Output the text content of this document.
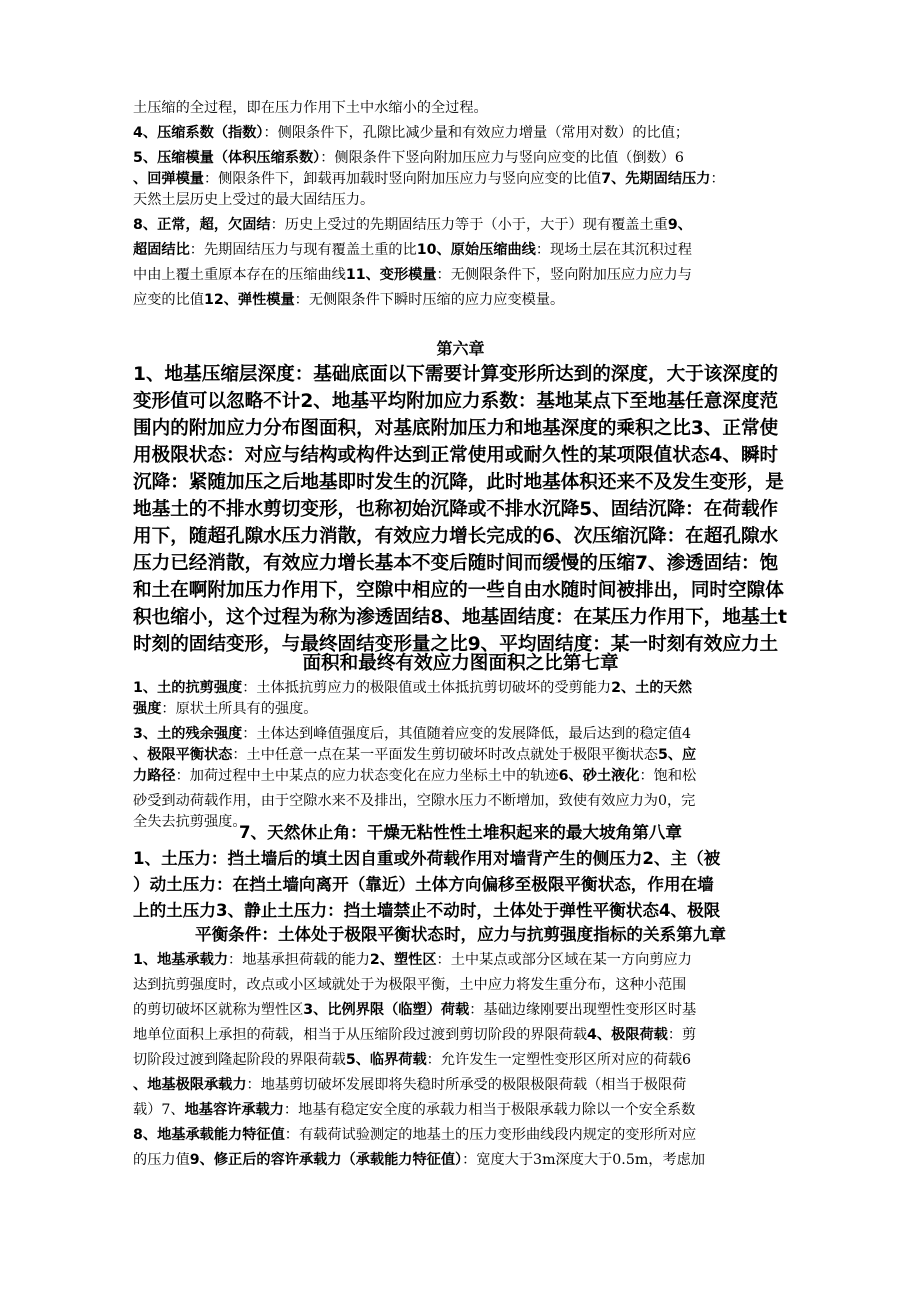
土压缩的全过程，即在压力作用下土中水缩小的全过程。
4、压缩系数（指数）：侧限条件下，孔隙比减少量和有效应力增量（常用对数）的比值；
5、压缩模量（体积压缩系数）：侧限条件下竖向附加压应力与竖向应变的比值（倒数）6
、回弹模量：侧限条件下，卸载再加载时竖向附加压应力与竖向应变的比值7、先期固结压力：
天然土层历史上受过的最大固结压力。
8、正常，超，欠固结：历史上受过的先期固结压力等于（小于，大于）现有覆盖土重9、
超固结比：先期固结压力与现有覆盖土重的比10、原始压缩曲线：现场土层在其沉积过程
中由上覆土重原本存在的压缩曲线11、变形模量：无侧限条件下，竖向附加压应力应力与
应变的比值12、弹性模量：无侧限条件下瞬时压缩的应力应变模量。
第六章
1、地基压缩层深度：基础底面以下需要计算变形所达到的深度，大于该深度的
变形值可以忽略不计2、地基平均附加应力系数：基地某点下至地基任意深度范
围内的附加应力分布图面积，对基底附加压力和地基深度的乘积之比3、正常使
用极限状态：对应与结构或构件达到正常使用或耐久性的某项限值状态4、瞬时
沉降：紧随加压之后地基即时发生的沉降，此时地基体积还来不及发生变形，是
地基土的不排水剪切变形，也称初始沉降或不排水沉降5、固结沉降：在荷载作
用下，随超孔隙水压力消散，有效应力增长完成的6、次压缩沉降：在超孔隙水
压力已经消散，有效应力增长基本不变后随时间而缓慢的压缩7、渗透固结：饱
和土在啊附加压力作用下，空隙中相应的一些自由水随时间被排出，同时空隙体
积也缩小，这个过程为称为渗透固结8、地基固结度：在某压力作用下，地基土t
时刻的固结变形，与最终固结变形量之比9、平均固结度：某一时刻有效应力土
面积和最终有效应力图面积之比第七章
1、土的抗剪强度：土体抵抗剪应力的极限值或土体抵抗剪切破坏的受剪能力2、土的天然
强度：原状土所具有的强度。
3、土的残余强度：土体达到峰值强度后，其值随着应变的发展降低，最后达到的稳定值4
、极限平衡状态：土中任意一点在某一平面发生剪切破坏时改点就处于极限平衡状态5、应
力路径：加荷过程中土中某点的应力状态变化在应力坐标土中的轨迹6、砂土液化：饱和松
砂受到动荷载作用，由于空隙水来不及排出，空隙水压力不断增加，致使有效应力为0，完
全失去抗剪强度。
7、天然休止角：干燥无粘性性土堆积起来的最大坡角第八章
1、土压力：挡土墙后的填土因自重或外荷载作用对墙背产生的侧压力2、主（被
）动土压力：在挡土墙向离开（靠近）土体方向偏移至极限平衡状态，作用在墙
上的土压力3、静止土压力：挡土墙禁止不动时，土体处于弹性平衡状态4、极限
平衡条件：土体处于极限平衡状态时，应力与抗剪强度指标的关系第九章
1、地基承载力：地基承担荷载的能力2、塑性区：土中某点或部分区域在某一方向剪应力
达到抗剪强度时，改点或小区域就处于为极限平衡，土中应力将发生重分布，这种小范围
的剪切破坏区就称为塑性区3、比例界限（临塑）荷载：基础边缘刚要出现塑性变形区时基
地单位面积上承担的荷载，相当于从压缩阶段过渡到剪切阶段的界限荷载4、极限荷载：剪
切阶段过渡到隆起阶段的界限荷载5、临界荷载：允许发生一定塑性变形区所对应的荷载6
、地基极限承载力：地基剪切破坏发展即将失稳时所承受的极限极限荷载（相当于极限荷
载）7、地基容许承载力：地基有稳定安全度的承载力相当于极限承载力除以一个安全系数
8、地基承载能力特征值：有载荷试验测定的地基土的压力变形曲线段内规定的变形所对应
的压力值9、修正后的容许承载力（承载能力特征值）：宽度大于3m深度大于0.5m，考虑加
